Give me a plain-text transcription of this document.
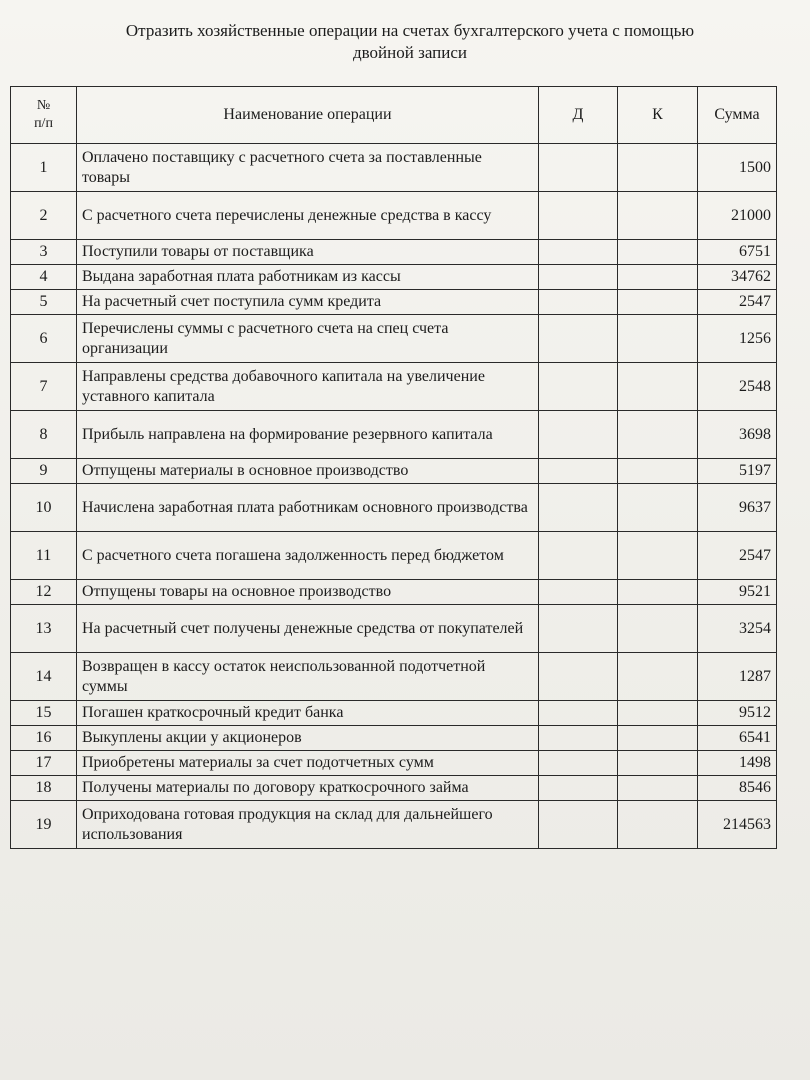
Отразить хозяйственные операции на счетах бухгалтерского учета с помощью
двойной записи
№
п/п	Наименование операции	Д	К	Сумма
1	Оплачено поставщику с расчетного счета за поставленные товары			1500
2	С расчетного счета перечислены денежные средства в кассу			21000
3	Поступили товары от поставщика			6751
4	Выдана заработная плата работникам из кассы			34762
5	На расчетный счет поступила сумм кредита			2547
6	Перечислены суммы с расчетного счета на спец счета организации			1256
7	Направлены средства добавочного капитала на увеличение уставного капитала			2548
8	Прибыль направлена на формирование резервного капитала			3698
9	Отпущены материалы в основное производство			5197
10	Начислена заработная плата работникам основного производства			9637
11	С расчетного счета погашена задолженность перед бюджетом			2547
12	Отпущены товары на основное производство			9521
13	На расчетный счет получены денежные средства от покупателей			3254
14	Возвращен в кассу остаток неиспользованной подотчетной суммы			1287
15	Погашен краткосрочный кредит банка			9512
16	Выкуплены акции у акционеров			6541
17	Приобретены материалы за счет подотчетных сумм			1498
18	Получены материалы по договору краткосрочного займа			8546
19	Оприходована готовая продукция на склад для дальнейшего использования			214563
